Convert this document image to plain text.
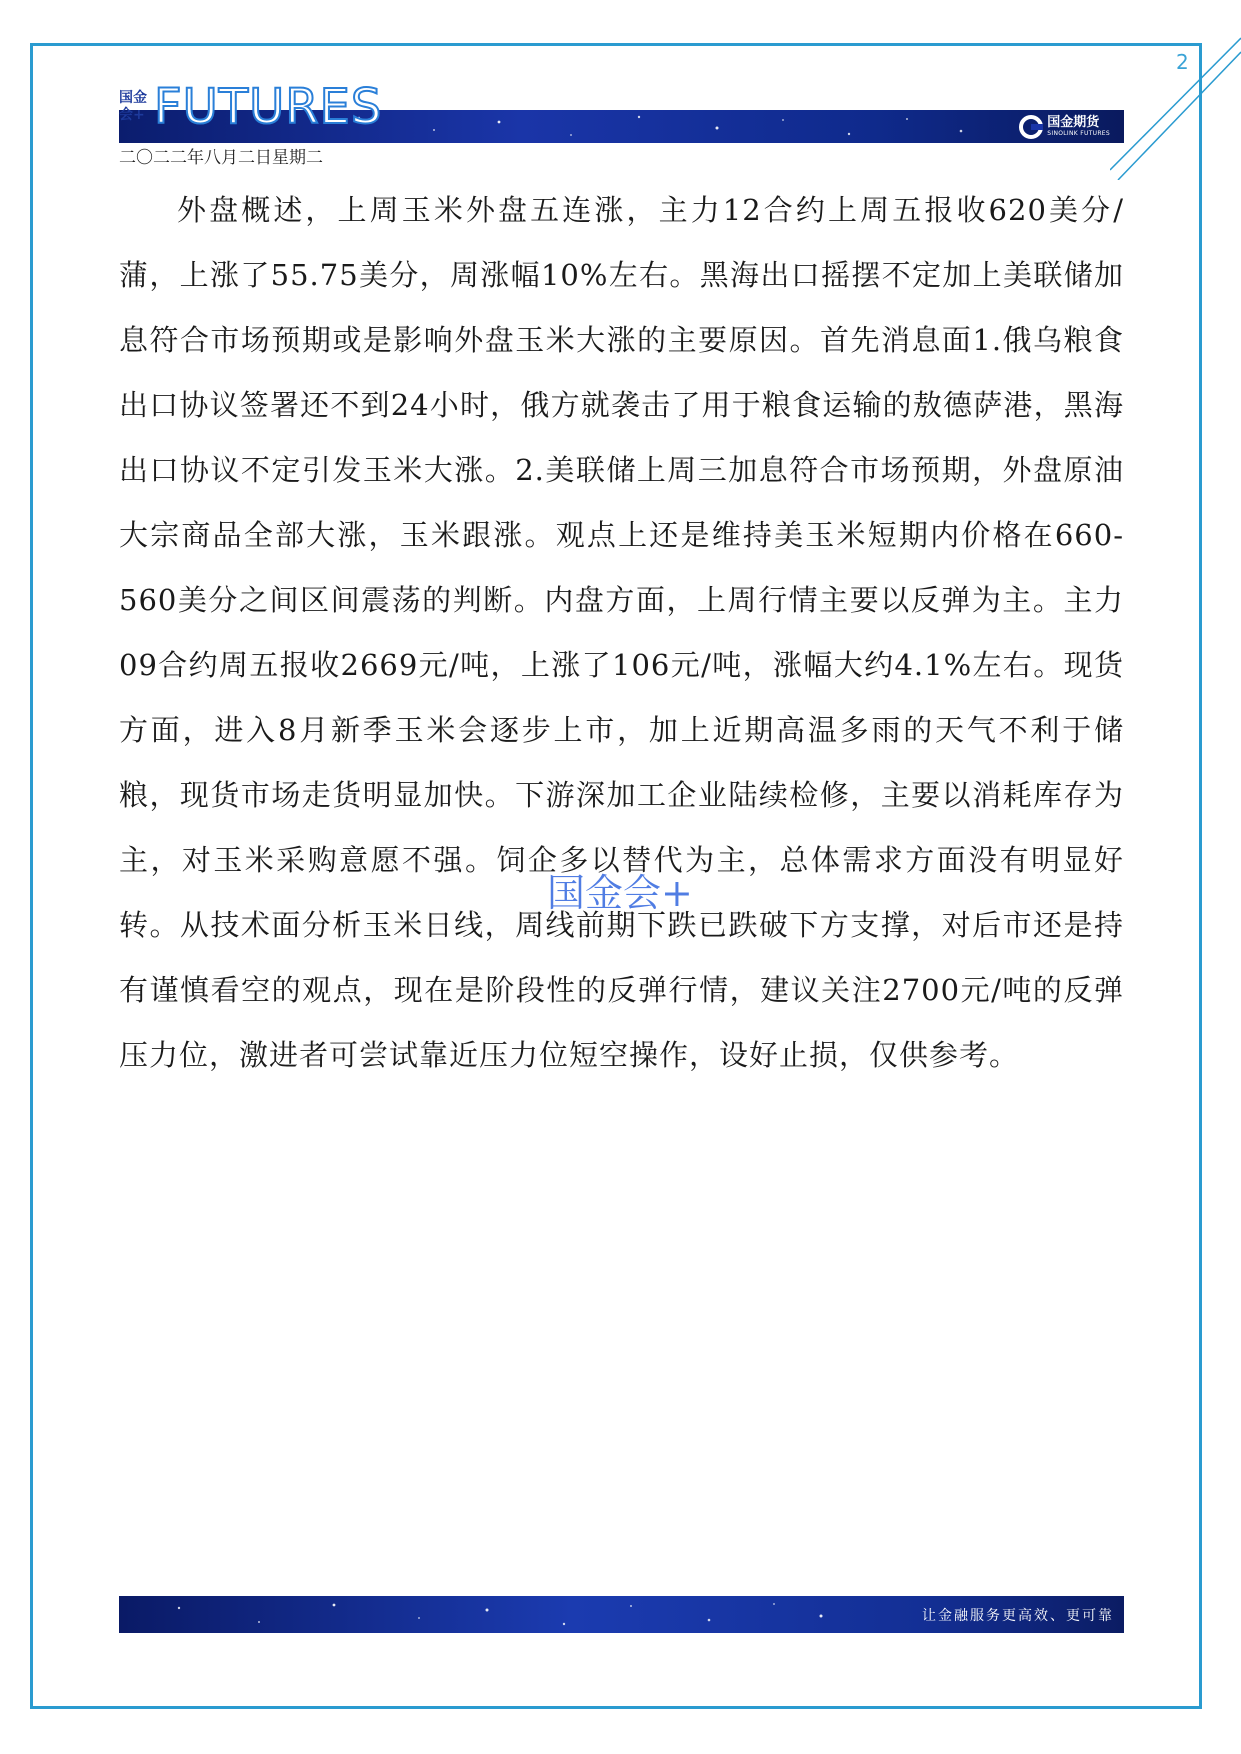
2
国金期货
SINOLINK FUTURES
国金会+ FUTURES
二〇二二年八月二日星期二

外盘概述，上周玉米外盘五连涨，主力12合约上周五报收620美分/蒲，上涨了55.75美分，周涨幅10%左右。黑海出口摇摆不定加上美联储加息符合市场预期或是影响外盘玉米大涨的主要原因。首先消息面1.俄乌粮食出口协议签署还不到24小时，俄方就袭击了用于粮食运输的敖德萨港，黑海出口协议不定引发玉米大涨。2.美联储上周三加息符合市场预期，外盘原油大宗商品全部大涨，玉米跟涨。观点上还是维持美玉米短期内价格在660-560美分之间区间震荡的判断。内盘方面，上周行情主要以反弹为主。主力09合约周五报收2669元/吨，上涨了106元/吨，涨幅大约4.1%左右。现货方面，进入8月新季玉米会逐步上市，加上近期高温多雨的天气不利于储粮，现货市场走货明显加快。下游深加工企业陆续检修，主要以消耗库存为主，对玉米采购意愿不强。饲企多以替代为主，总体需求方面没有明显好转。从技术面分析玉米日线，周线前期下跌已跌破下方支撑，对后市还是持有谨慎看空的观点，现在是阶段性的反弹行情，建议关注2700元/吨的反弹压力位，激进者可尝试靠近压力位短空操作，设好止损，仅供参考。

国金会+
让金融服务更高效、更可靠
